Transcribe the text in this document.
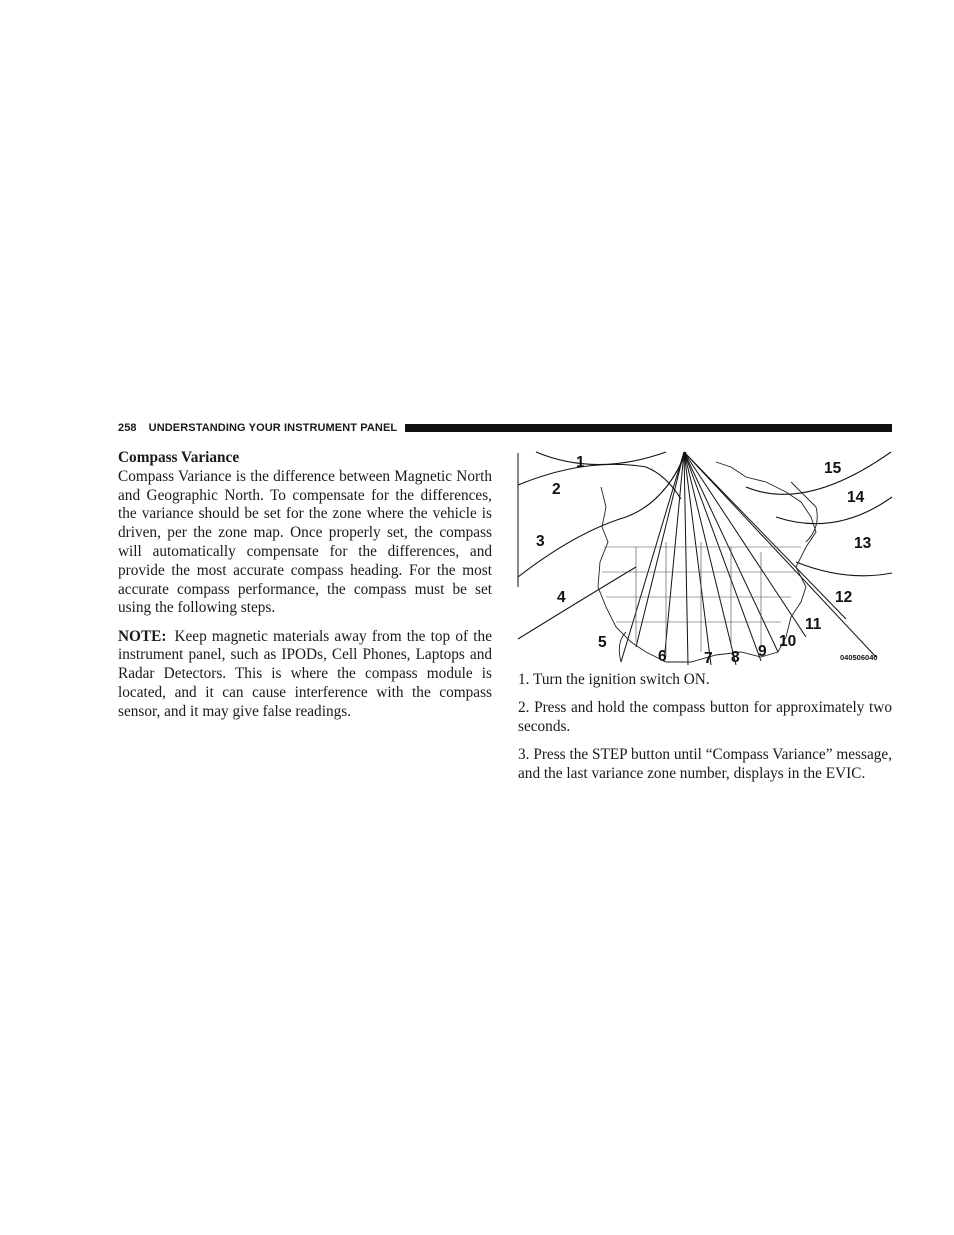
258 UNDERSTANDING YOUR INSTRUMENT PANEL
Compass Variance

Compass Variance is the difference between Magnetic North and Geographic North. To compensate for the differences, the variance should be set for the zone where the vehicle is driven, per the zone map. Once properly set, the compass will automatically compensate for the differences, and provide the most accurate compass heading. For the most accurate compass performance, the compass must be set using the following steps.

NOTE: Keep magnetic materials away from the top of the instrument panel, such as IPODs, Cell Phones, Laptops and Radar Detectors. This is where the compass module is located, and it can cause interference with the compass sensor, and it may give false readings.

1
2
3
4
5
6 7 8 9
10
11
12
13
14
15
040506040

1. Turn the ignition switch ON.

2. Press and hold the compass button for approximately two seconds.

3. Press the STEP button until “Compass Variance” message, and the last variance zone number, displays in the EVIC.
